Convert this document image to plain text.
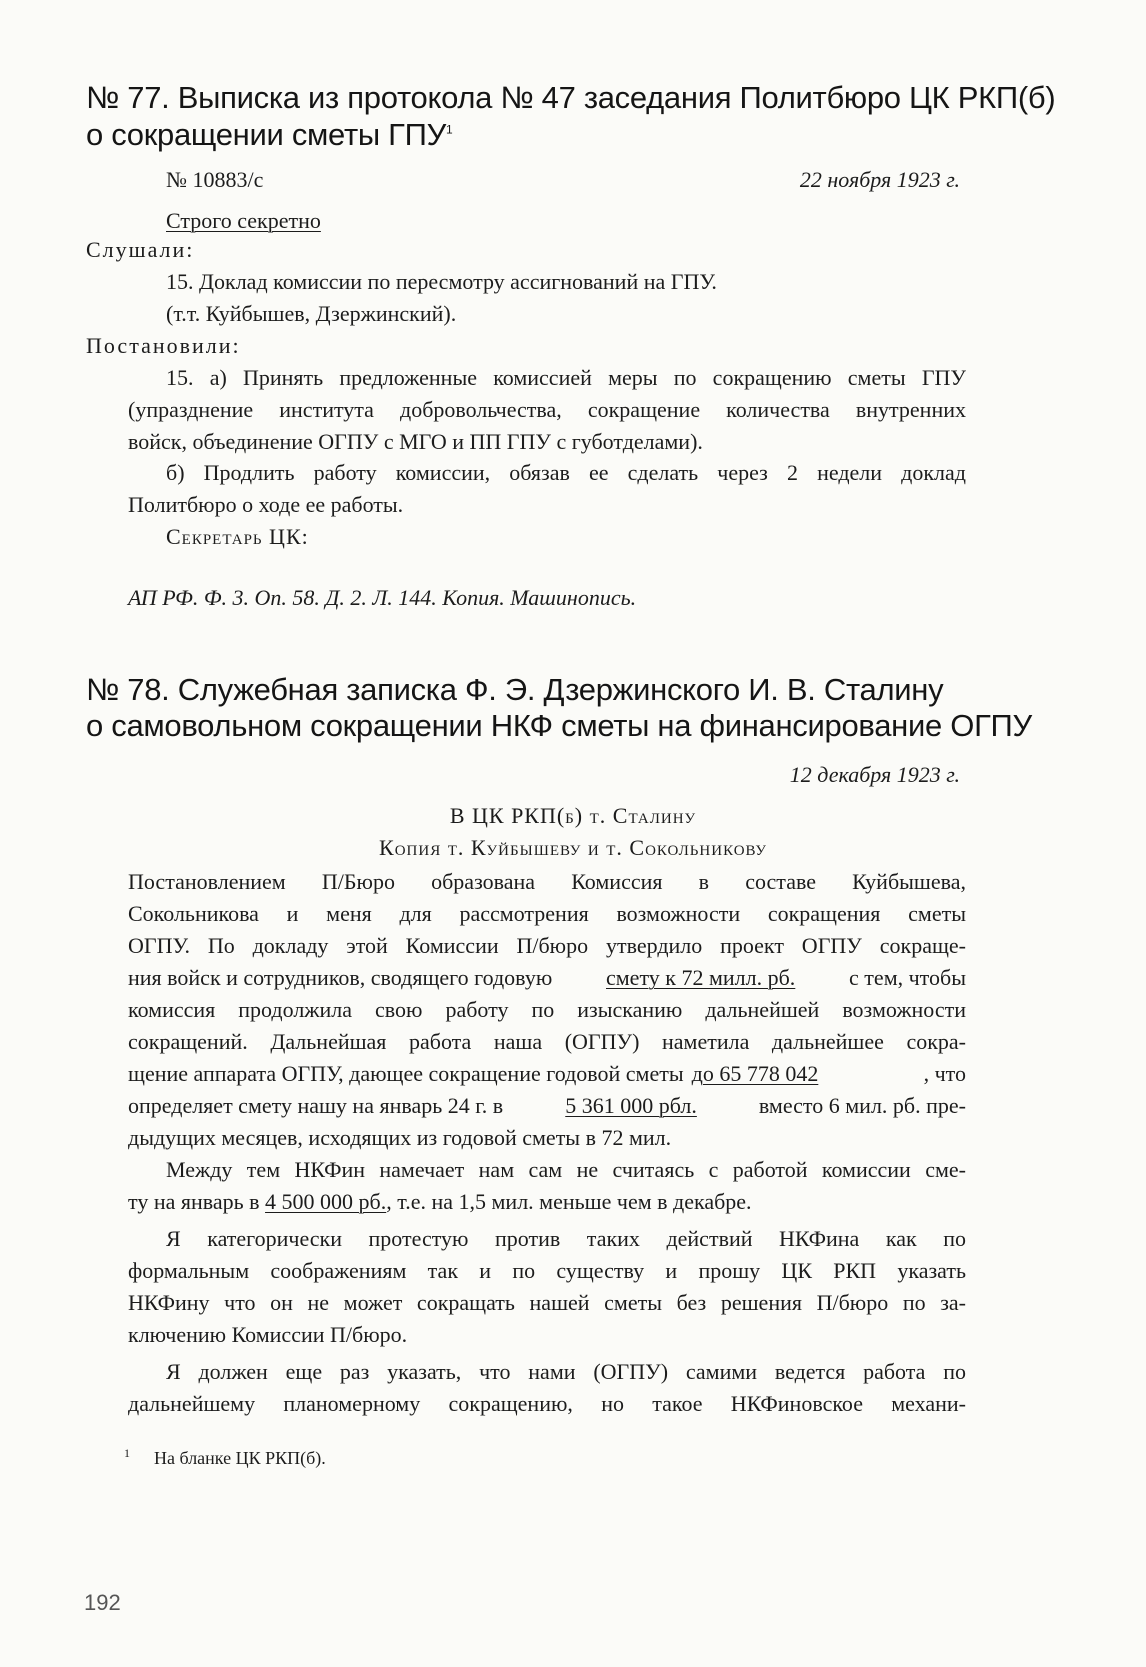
№ 77. Выписка из протокола № 47 заседания Политбюро ЦК РКП(б)
о сокращении сметы ГПУ$^1$
№ 10883/с	22 ноября 1923 г.
Строго секретно
Слушали:
15. Доклад комиссии по пересмотру ассигнований на ГПУ.
(т.т. Куйбышев, Дзержинский).
Постановили:
15. а) Принять предложенные комиссией меры по сокращению сметы ГПУ
(упразднение института добровольчества, сокращение количества внутренних
войск, объединение ОГПУ с МГО и ПП ГПУ с губотделами).
б) Продлить работу комиссии, обязав ее сделать через 2 недели доклад
Политбюро о ходе ее работы.
Секретарь ЦК:
АП РФ. Ф. 3. Оп. 58. Д. 2. Л. 144. Копия. Машинопись.
№ 78. Служебная записка Ф. Э. Дзержинского И. В. Сталину
о самовольном сокращении НКФ сметы на финансирование ОГПУ
12 декабря 1923 г.
В ЦК РКП(б) т. Сталину
Копия т. Куйбышеву и т. Сокольникову
Постановлением П/Бюро образована Комиссия в составе Куйбышева,
Сокольникова и меня для рассмотрения возможности сокращения сметы
ОГПУ. По докладу этой Комиссии П/бюро утвердило проект ОГПУ сокраще-
ния войск и сотрудников, сводящего годовую смету к 72 милл. рб. с тем, чтобы
комиссия продолжила свою работу по изысканию дальнейшей возможности
сокращений. Дальнейшая работа наша (ОГПУ) наметила дальнейшее сокра-
щение аппарата ОГПУ, дающее сокращение годовой сметы до 65 778 042	, что
определяет смету нашу на январь 24 г. в	5 361 000 рбл.	вместо 6 мил. рб. пре-
дыдущих месяцев, исходящих из годовой сметы в 72 мил.
Между тем НКФин намечает нам сам не считаясь с работой комиссии сме-
ту на январь в 4 500 000 рб., т.е. на 1,5 мил. меньше чем в декабре.
Я категорически протестую против таких действий НКФина как по
формальным соображениям так и по существу и прошу ЦК РКП указать
НКФину что он не может сокращать нашей сметы без решения П/бюро по за-
ключению Комиссии П/бюро.
Я должен еще раз указать, что нами (ОГПУ) самими ведется работа по
дальнейшему планомерному сокращению, но такое НКФиновское механи-
$^1$ На бланке ЦК РКП(б).
192
